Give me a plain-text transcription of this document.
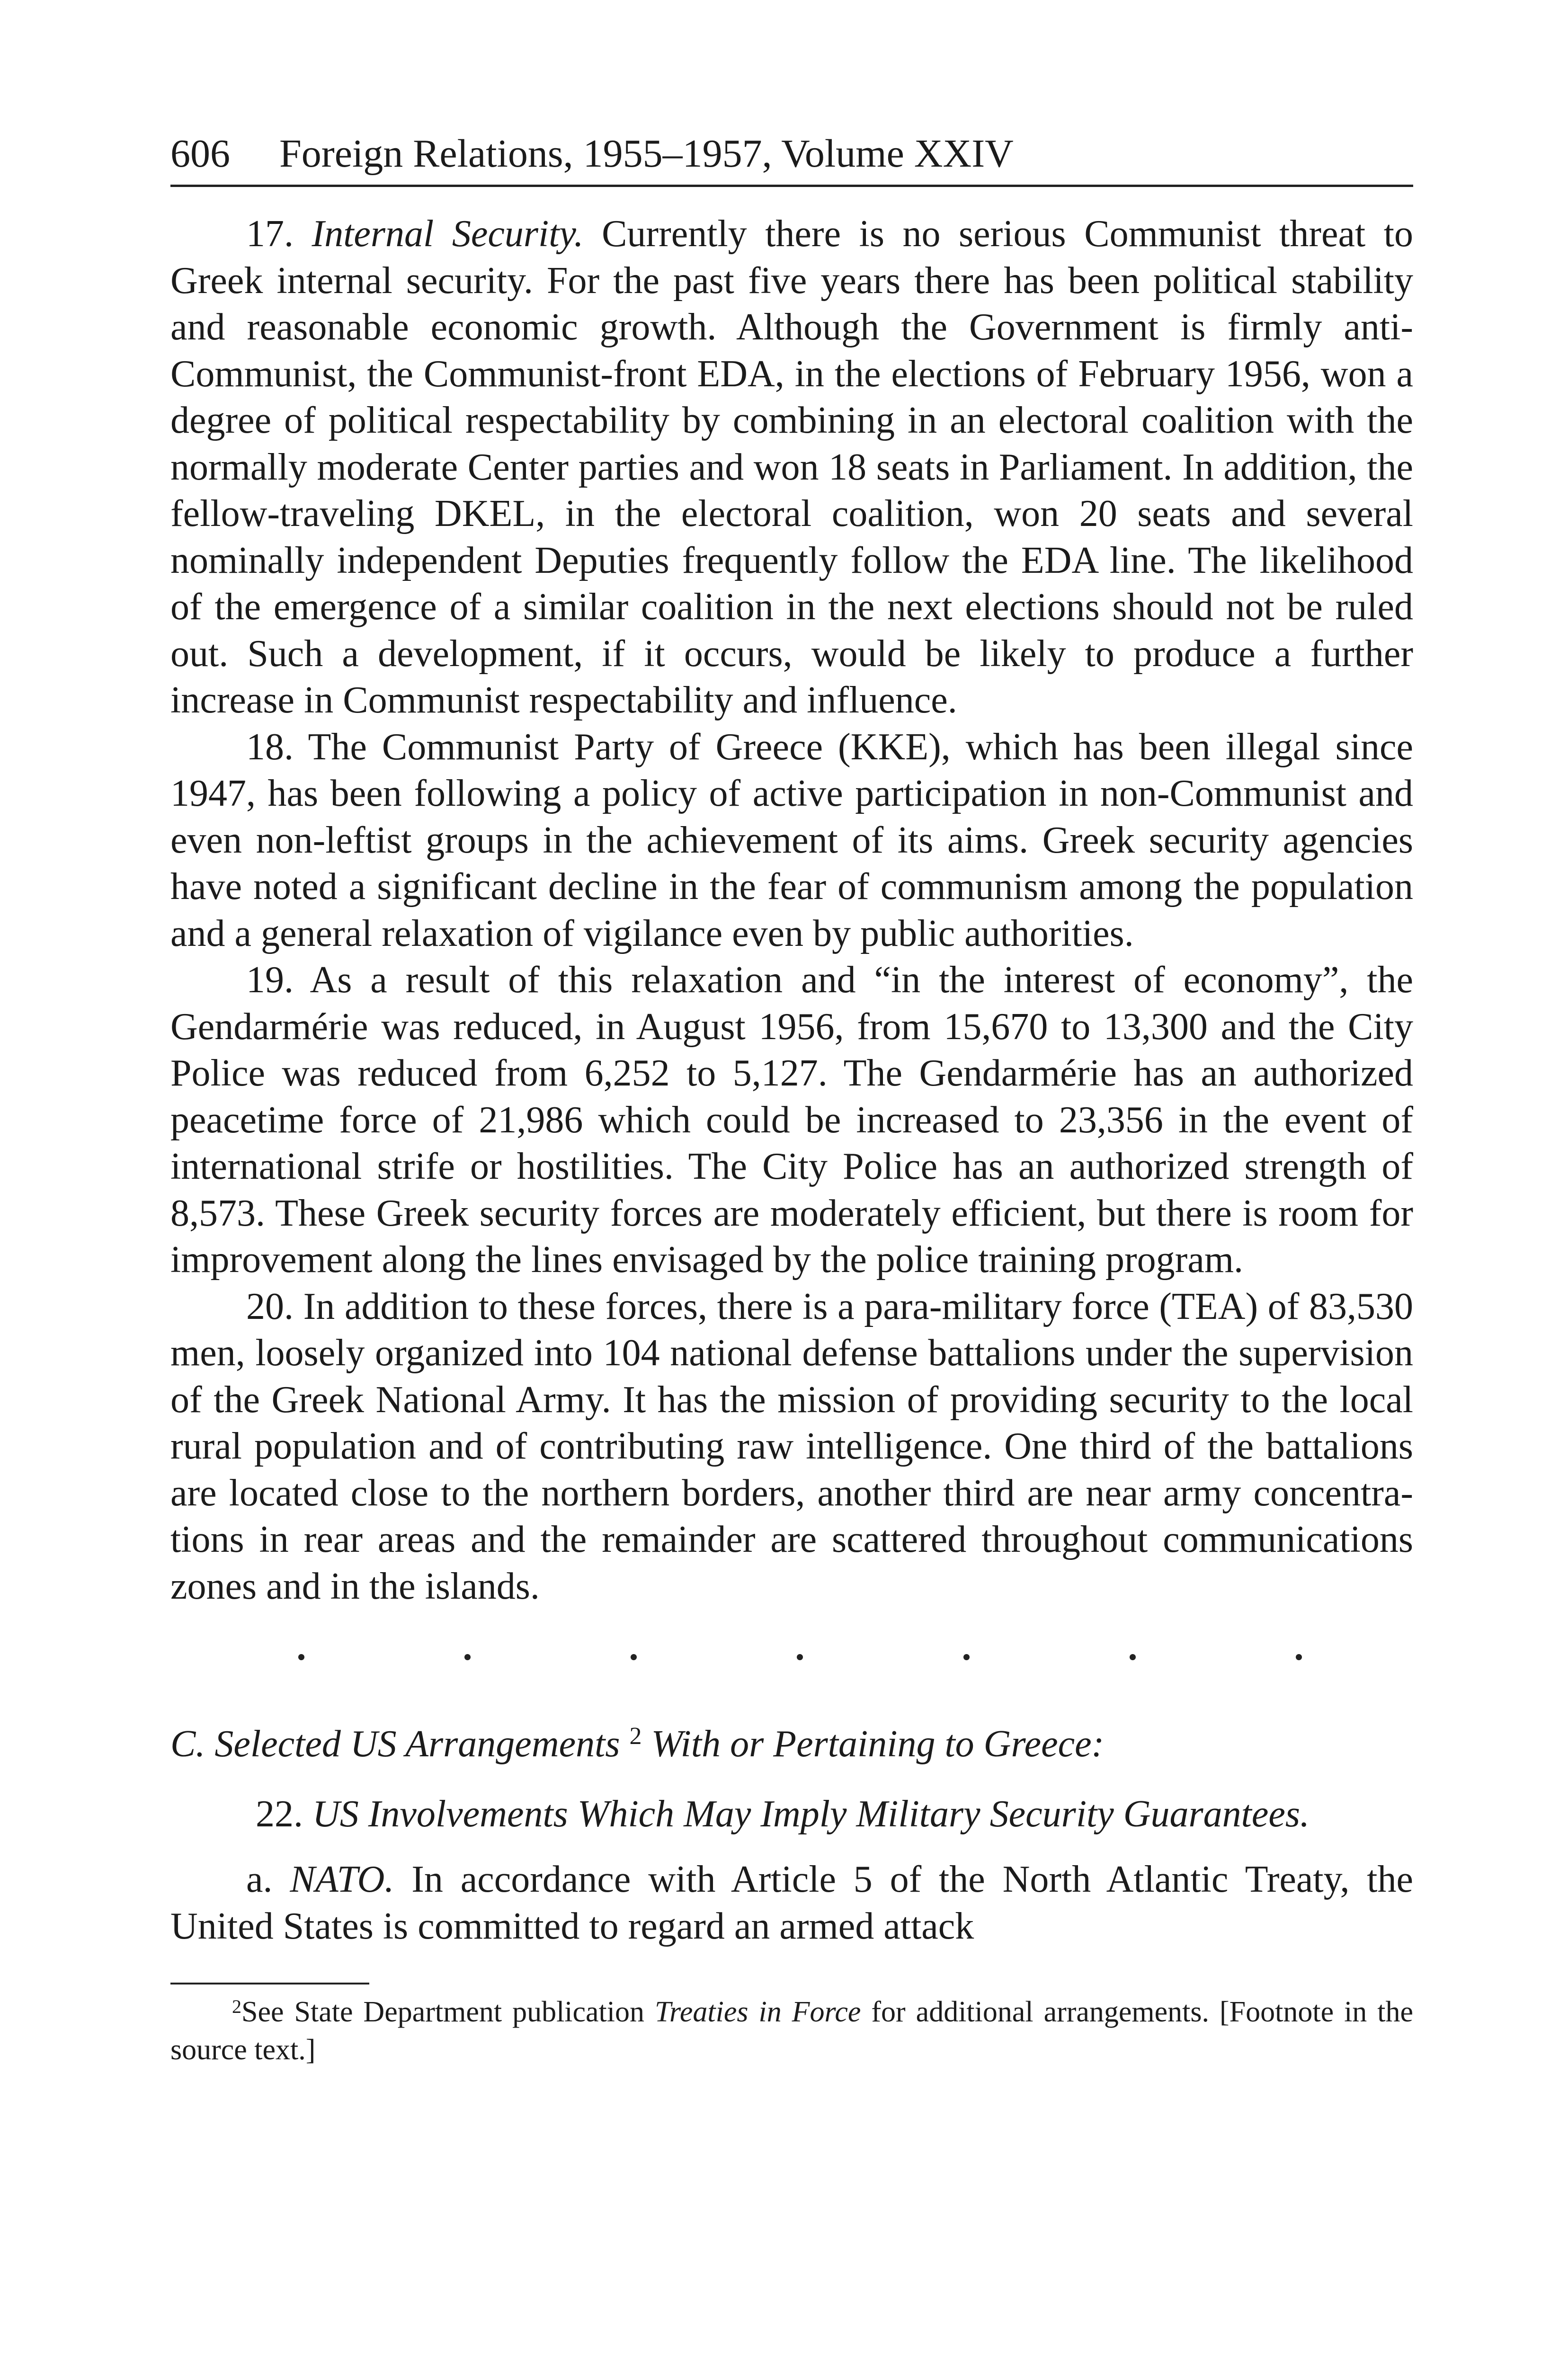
606 Foreign Relations, 1955–1957, Volume XXIV

17. Internal Security. Currently there is no serious Communist threat to Greek internal security. For the past five years there has been political stability and reasonable economic growth. Although the Government is firmly anti-Communist, the Communist-front EDA, in the elections of February 1956, won a degree of political respectability by combining in an electoral coalition with the normally moderate Center parties and won 18 seats in Parliament. In addition, the fellow-traveling DKEL, in the electoral coalition, won 20 seats and several nominally independent Deputies frequently follow the EDA line. The likelihood of the emergence of a similar coalition in the next elections should not be ruled out. Such a development, if it occurs, would be likely to produce a further increase in Communist respectability and influence.

18. The Communist Party of Greece (KKE), which has been illegal since 1947, has been following a policy of active participation in non-Communist and even non-leftist groups in the achievement of its aims. Greek security agencies have noted a significant decline in the fear of communism among the population and a general relaxation of vigilance even by public authorities.

19. As a result of this relaxation and “in the interest of economy”, the Gendarmérie was reduced, in August 1956, from 15,670 to 13,300 and the City Police was reduced from 6,252 to 5,127. The Gendarmérie has an authorized peacetime force of 21,986 which could be increased to 23,356 in the event of international strife or hostilities. The City Police has an authorized strength of 8,573. These Greek security forces are moderately efficient, but there is room for improvement along the lines envisaged by the police training program.

20. In addition to these forces, there is a para-military force (TEA) of 83,530 men, loosely organized into 104 national defense battalions under the supervision of the Greek National Army. It has the mission of providing security to the local rural population and of contributing raw intelligence. One third of the battalions are located close to the northern borders, another third are near army concentrations in rear areas and the remainder are scattered throughout communications zones and in the islands.

C. Selected US Arrangements $^2$ With or Pertaining to Greece:
22. US Involvements Which May Imply Military Security Guarantees.

a. NATO. In accordance with Article 5 of the North Atlantic Treaty, the United States is committed to regard an armed attack

$^2$See State Department publication Treaties in Force for additional arrangements. [Footnote in the source text.]
